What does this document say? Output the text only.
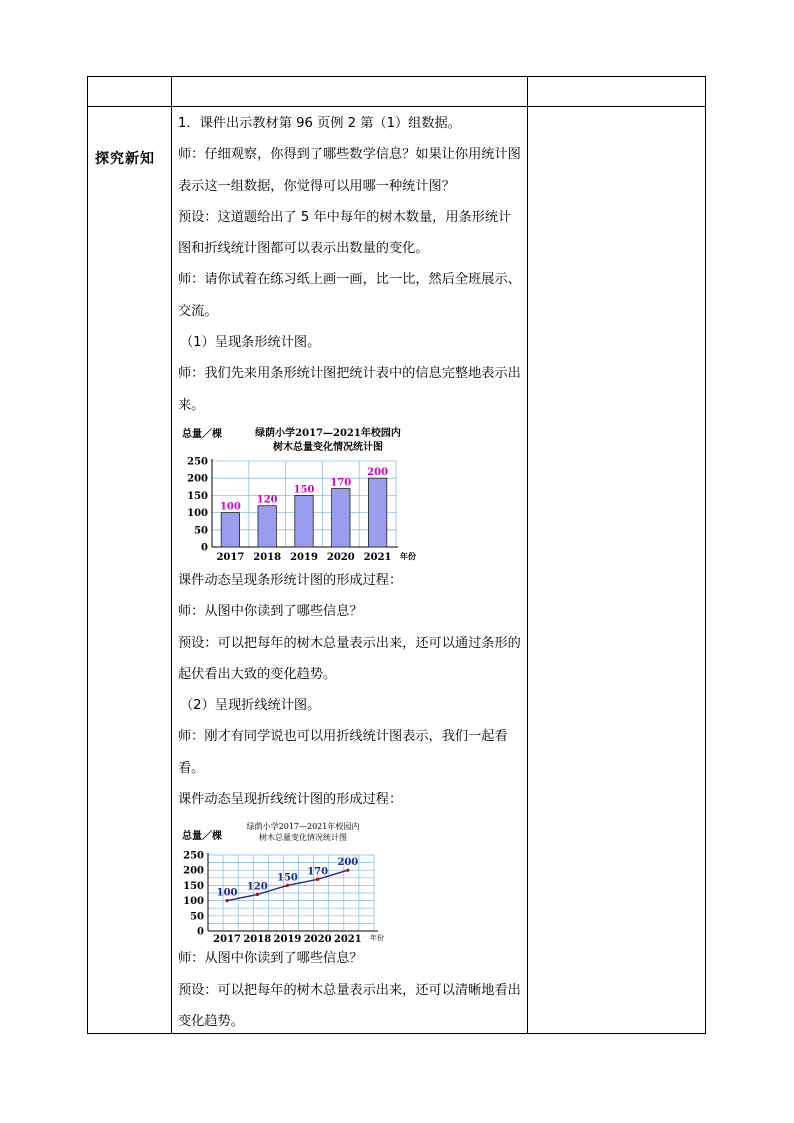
探究新知

1．课件出示教材第 96 页例 2 第（1）组数据。

师：仔细观察，你得到了哪些数学信息？如果让你用统计图表示这一组数据，你觉得可以用哪一种统计图？

预设：这道题给出了 5 年中每年的树木数量，用条形统计图和折线统计图都可以表示出数量的变化。

师：请你试着在练习纸上画一画，比一比，然后全班展示、交流。

（1）呈现条形统计图。

师：我们先来用条形统计图把统计表中的信息完整地表示出来。

总量／棵	绿荫小学2017—2021年校园内
树木总量变化情况统计图
年份
0
50
100
150
200
250
100
2017
120
2018
150
2019
170
2020
200
2021

课件动态呈现条形统计图的形成过程：

师：从图中你读到了哪些信息？

预设：可以把每年的树木总量表示出来，还可以通过条形的起伏看出大致的变化趋势。

（2）呈现折线统计图。

师：刚才有同学说也可以用折线统计图表示，我们一起看看。

课件动态呈现折线统计图的形成过程：

总量／棵
绿荫小学2017—2021年校园内
树木总量变化情况统计图
年份
0
50
100
150
200
250
100
2017
120
2018
150
2019
170
2020
200
2021

师：从图中你读到了哪些信息？

预设：可以把每年的树木总量表示出来，还可以清晰地看出变化趋势。
